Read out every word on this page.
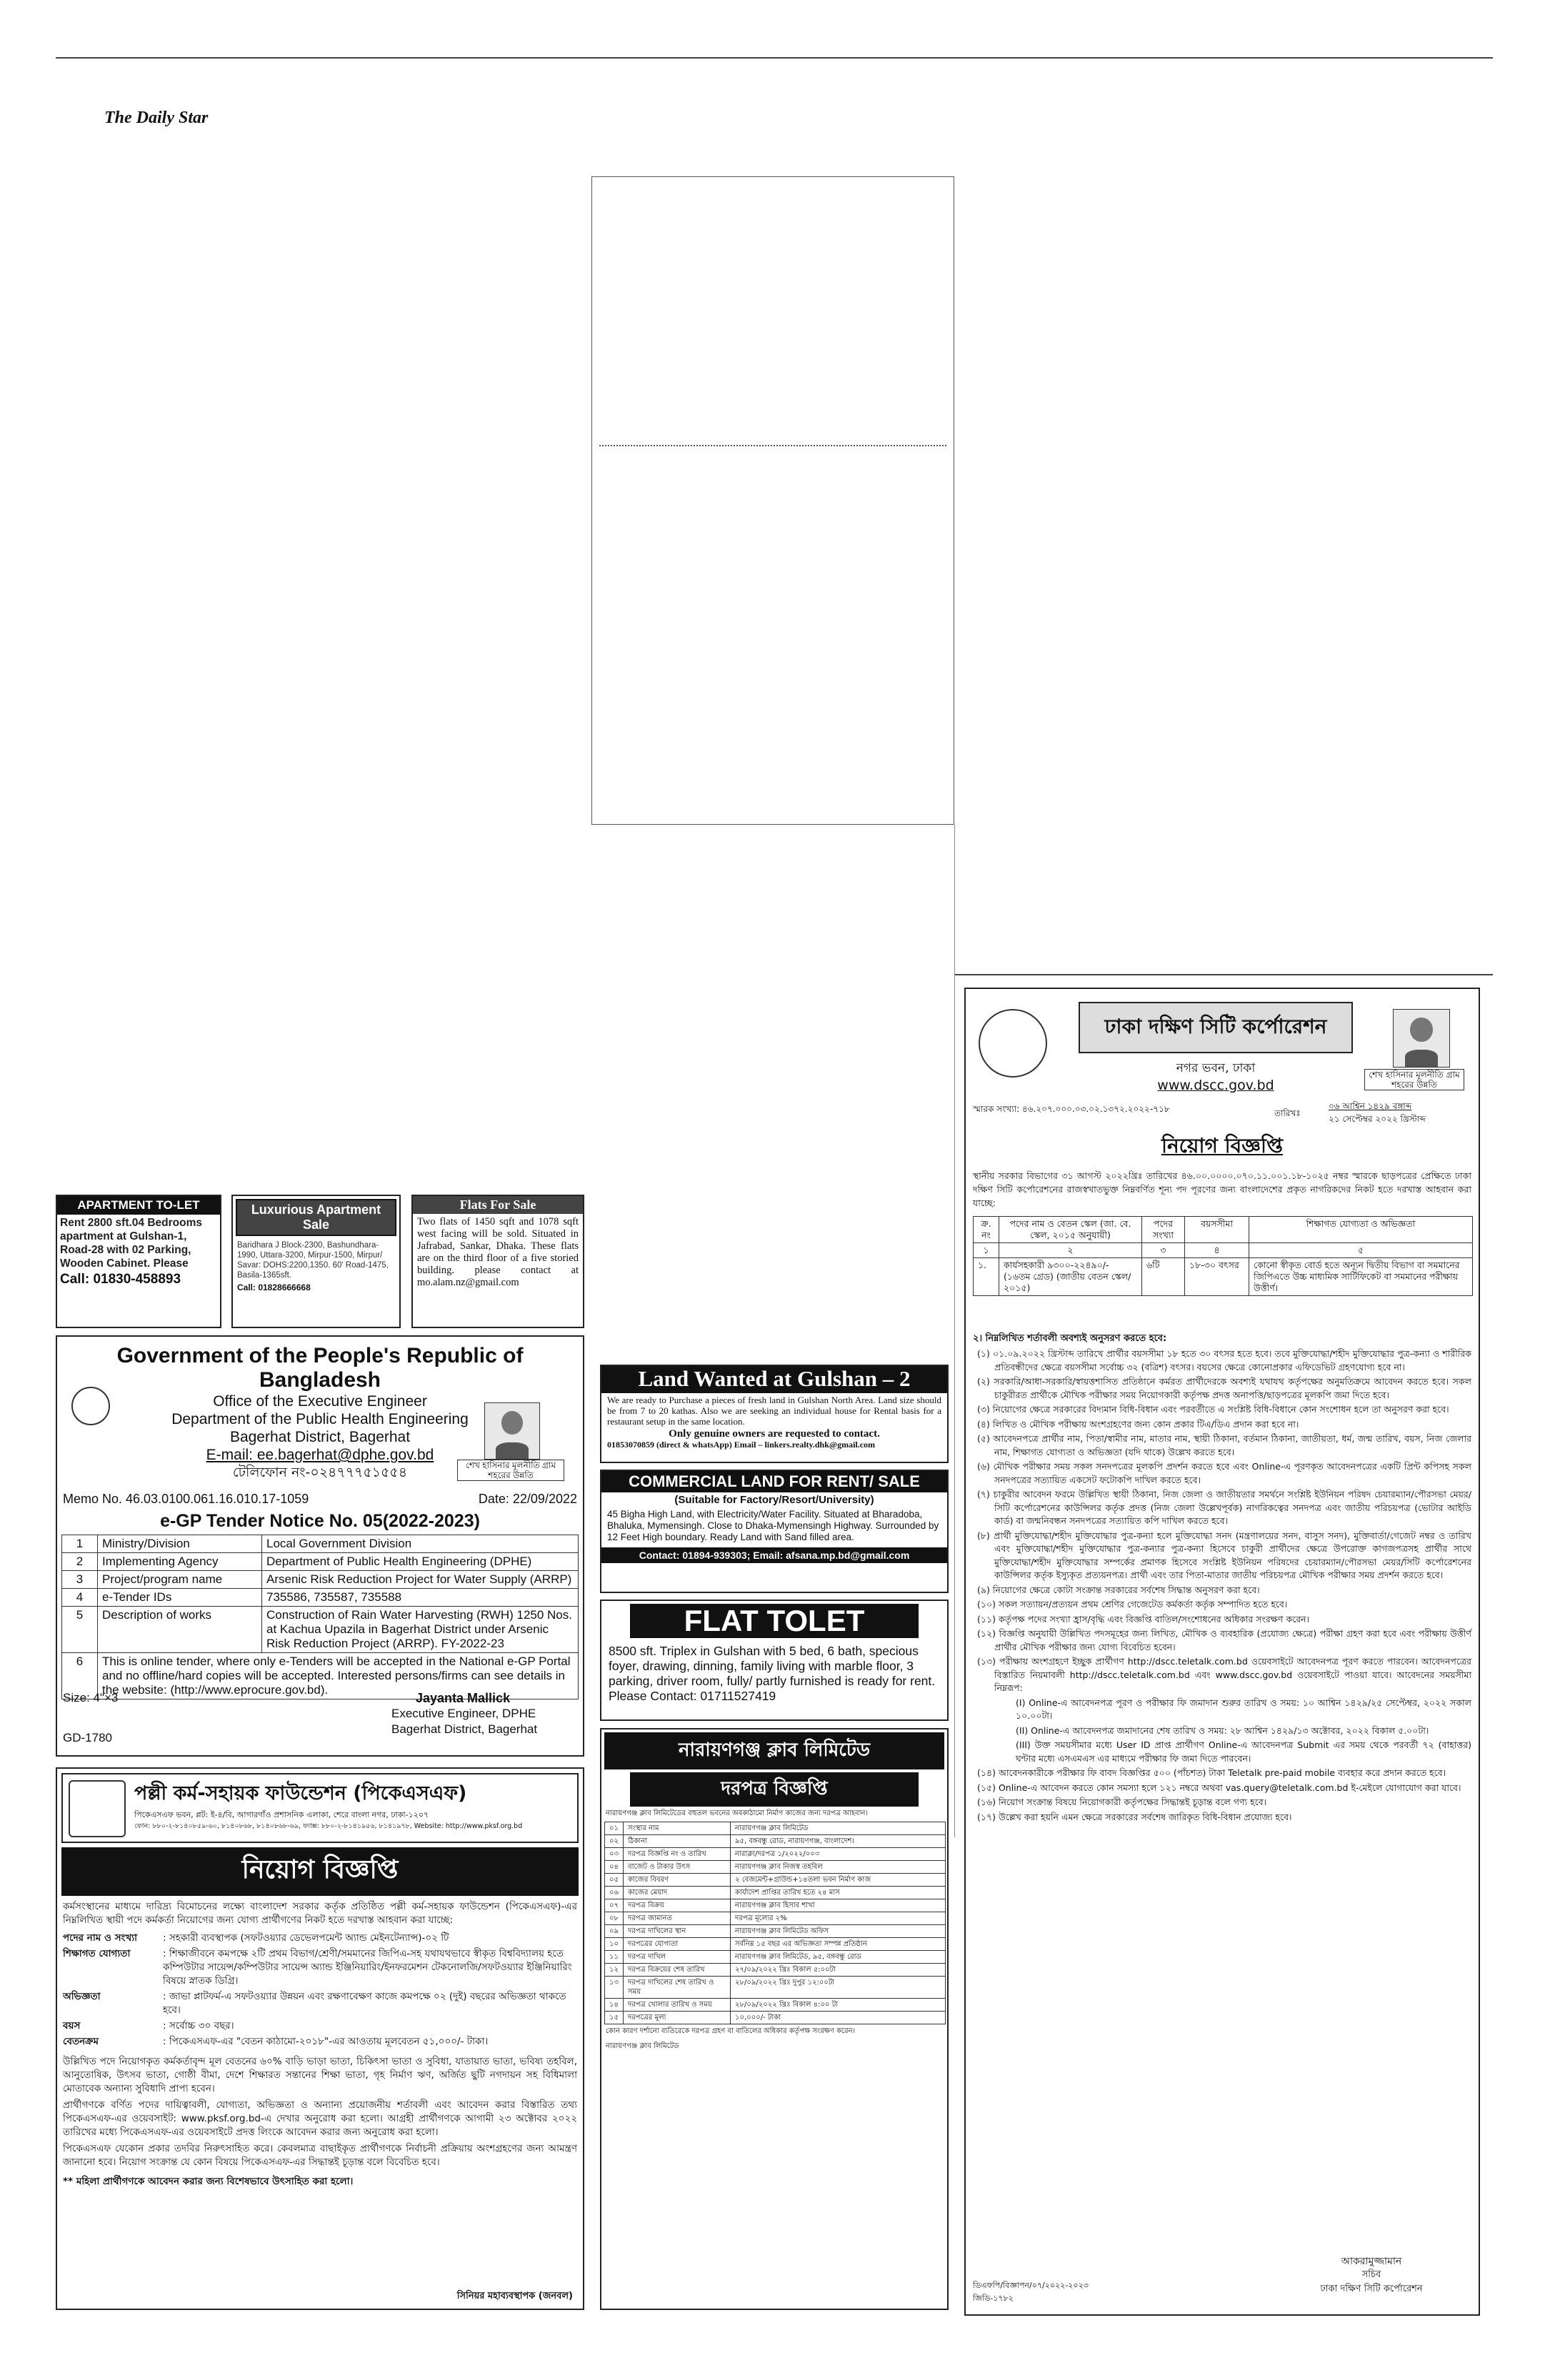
The Daily Star
APARTMENT TO-LET
Rent 2800 sft.04 Bedrooms apartment at Gulshan-1, Road-28 with 02 Parking, Wooden Cabinet. Please
Call: 01830-458893
Luxurious Apartment Sale
Baridhara J Block-2300, Bashundhara-1990, Uttara-3200, Mirpur-1500, Mirpur/ Savar: DOHS:2200,1350. 60' Road-1475, Basila-1365sft.
Call: 01828666668
Flats For Sale
Two flats of 1450 sqft and 1078 sqft west facing will be sold. Situated in Jafrabad, Sankar, Dhaka. These flats are on the third floor of a five storied building. please contact at mo.alam.nz@gmail.com
Government of the People's Republic of Bangladesh
শেখ হাসিনার মূলনীতি গ্রাম শহরের উন্নতি
Office of the Executive Engineer
Department of the Public Health Engineering
Bagerhat District, Bagerhat
E-mail: ee.bagerhat@dphe.gov.bd
টেলিফোন নং-০২৪৭৭৭৫১৫৫৪
Memo No. 46.03.0100.061.16.010.17-1059	Date: 22/09/2022
e-GP Tender Notice No. 05(2022-2023)
1	Ministry/Division	Local Government Division
2	Implementing Agency	Department of Public Health Engineering (DPHE)
3	Project/program name	Arsenic Risk Reduction Project for Water Supply (ARRP)
4	e-Tender IDs	735586, 735587, 735588
5	Description of works	Construction of Rain Water Harvesting (RWH) 1250 Nos. at Kachua Upazila in Bagerhat District under Arsenic Risk Reduction Project (ARRP). FY-2022-23
6	This is online tender, where only e-Tenders will be accepted in the National e-GP Portal and no offline/hard copies will be accepted. Interested persons/firms can see details in the website: (http://www.eprocure.gov.bd).	
Size: 4"×3	Jayanta Mallick
Executive Engineer, DPHE
Bagerhat District, Bagerhat
GD-1780
পল্লী কর্ম-সহায়ক ফাউন্ডেশন (পিকেএসএফ)
পিকেএসএফ ভবন, প্লট: ই-৪/বি, আগারগাঁও প্রশাসনিক এলাকা, শেরে বাংলা নগর, ঢাকা-১২০৭
ফোন: ৮৮০-২-৮১৪০৮৫৯-৬০, ৮১৪০৮৬৮, ৮১৪০৮৬৮-৬৯, ফ্যাক্স: ৮৮০-২-৮১৪১৯৫৬, ৮১৪১৯৭৮, Website: http://www.pksf.org.bd
নিয়োগ বিজ্ঞপ্তি
কর্মসংস্থানের মাধ্যমে দারিদ্র্য বিমোচনের লক্ষ্যে বাংলাদেশ সরকার কর্তৃক প্রতিষ্ঠিত পল্লী কর্ম-সহায়ক ফাউন্ডেশন (পিকেএসএফ)-এর নিম্নলিখিত স্থায়ী পদে কর্মকর্তা নিয়োগের জন্য যোগ্য প্রার্থীগণের নিকট হতে দরখাস্ত আহবান করা যাচ্ছে:
পদের নাম ও সংখ্যা	: সহকারী ব্যবস্থাপক (সফটওয়্যার ডেভেলপমেন্ট অ্যান্ড মেইনটেন্যান্স)-০২ টি
শিক্ষাগত যোগ্যতা	: শিক্ষাজীবনে কমপক্ষে ২টি প্রথম বিভাগ/শ্রেণী/সমমানের জিপিএ-সহ যথাযথভাবে স্বীকৃত বিশ্ববিদ্যালয় হতে কম্পিউটার সায়েন্স/কম্পিউটার সায়েন্স অ্যান্ড ইঞ্জিনিয়ারিং/ইনফরমেশন টেকনোলজি/সফটওয়্যার ইঞ্জিনিয়ারিং বিষয়ে স্নাতক ডিগ্রি।
অভিজ্ঞতা	: জাভা প্লাটফর্ম-এ সফটওয়্যার উন্নয়ন এবং রক্ষণাবেক্ষণ কাজে কমপক্ষে ০২ (দুই) বছরের অভিজ্ঞতা থাকতে হবে।
বয়স	: সর্বোচ্চ ৩০ বছর।
বেতনক্রম	: পিকেএসএফ-এর "বেতন কাঠামো-২০১৮"-এর আওতায় মূলবেতন ৫১,০০০/- টাকা।
উল্লিখিত পদে নিয়োগকৃত কর্মকর্তাবৃন্দ মূল বেতনের ৬০% বাড়ি ভাড়া ভাতা, চিকিৎসা ভাতা ও সুবিধা, যাতায়াত ভাতা, ভবিষ্য তহবিল, আনুতোষিক, উৎসব ভাতা, গোষ্ঠী বীমা, দেশে শিক্ষারত সন্তানের শিক্ষা ভাতা, গৃহ নির্মাণ ঋণ, অর্জিত ছুটি নগদায়ন সহ বিধিমালা মোতাবেক অন্যান্য সুবিধাদি প্রাপ্য হবেন।
প্রার্থীগণকে বর্ণিত পদের দায়িত্বাবলী, যোগ্যতা, অভিজ্ঞতা ও অন্যান্য প্রয়োজনীয় শর্তাবলী এবং আবেদন করার বিস্তারিত তথ্য পিকেএসএফ-এর ওয়েবসাইট: www.pksf.org.bd-এ দেখার অনুরোধ করা হলো। আগ্রহী প্রার্থীগণকে আগামী ২৩ অক্টোবর ২০২২ তারিখের মধ্যে পিকেএসএফ-এর ওয়েবসাইটে প্রদত্ত লিংকে আবেদন করার জন্য অনুরোধ করা হলো।
পিকেএসএফ যেকোন প্রকার তদবির নিরুৎসাহিত করে। কেবলমাত্র বাছাইকৃত প্রার্থীগণকে নির্বাচনী প্রক্রিয়ায় অংশগ্রহণের জন্য আমন্ত্রণ জানানো হবে। নিয়োগ সংক্রান্ত যে কোন বিষয়ে পিকেএসএফ-এর সিদ্ধান্তই চূড়ান্ত বলে বিবেচিত হবে।
** মহিলা প্রার্থীগণকে আবেদন করার জন্য বিশেষভাবে উৎসাহিত করা হলো।
সিনিয়র মহাব্যবস্থাপক (জনবল)
Land Wanted at Gulshan – 2
We are ready to Purchase a pieces of fresh land in Gulshan North Area. Land size should be from 7 to 20 kathas. Also we are seeking an individual house for Rental basis for a restaurant setup in the same location.
Only genuine owners are requested to contact.
01853070859 (direct & whatsApp) Email – linkers.realty.dhk@gmail.com
COMMERCIAL LAND FOR RENT/ SALE
(Suitable for Factory/Resort/University)
45 Bigha High Land, with Electricity/Water Facility. Situated at Bharadoba, Bhaluka, Mymensingh. Close to Dhaka-Mymensingh Highway. Surrounded by 12 Feet High boundary. Ready Land with Sand filled area.
Contact: 01894-939303; Email: afsana.mp.bd@gmail.com
FLAT TOLET
8500 sft. Triplex in Gulshan with 5 bed, 6 bath, specious foyer, drawing, dinning, family living with marble floor, 3 parking, driver room, fully/ partly furnished is ready for rent. Please Contact: 01711527419
নারায়ণগঞ্জ ক্লাব লিমিটেড
দরপত্র বিজ্ঞপ্তি
নারায়ণগঞ্জ ক্লাব লিমিটেডের বহুতল ভবনের অবকাঠামো নির্মাণ কাজের জন্য দরপত্র আহবান।
০১	সংস্থার নাম	নারায়ণগঞ্জ ক্লাব লিমিটেড
০২	ঠিকানা	৯৫, বঙ্গবন্ধু রোড, নারায়ণগঞ্জ, বাংলাদেশ।
০৩	দরপত্র বিজ্ঞপ্তি নং ও তারিখ	নারাক্লা/দরপত্র ১/২০২২/০০৩
০৪	বাজেট ও টাকার উৎস	নারায়ণগঞ্জ ক্লাব নিজস্ব তহবিল
০৫	কাজের বিবরণ	২ বেজমেন্ট+গ্রাউন্ড+১৪তলা ভবন নির্মাণ কাজ
০৬	কাজের মেয়াদ	কার্যাদেশ প্রাপ্তির তারিখ হতে ২৪ মাস
০৭	দরপত্র বিক্রয়	নারায়ণগঞ্জ ক্লাব হিসাব শাখা
০৮	দরপত্র জামানত	দরপত্র মূল্যের ২%
০৯	দরপত্র দাখিলের স্থান	নারায়ণগঞ্জ ক্লাব লিমিটেড অফিস
১০	দরপত্রের যোগ্যতা	সর্বনিম্ন ১৫ বছর এর অভিজ্ঞতা সম্পন্ন প্রতিষ্ঠান
১১	দরপত্র দাখিল	নারায়ণগঞ্জ ক্লাব লিমিটেড, ৯৫, বঙ্গবন্ধু রোড
১২	দরপত্র বিক্রয়ের শেষ তারিখ	২৭/০৯/২০২২ খ্রিঃ বিকাল ৫:০০টা
১৩	দরপত্র দাখিলের শেষ তারিখ ও সময়	২৮/০৯/২০২২ খ্রিঃ দুপুর ১২:০০টা
১৪	দরপত্র খোলার তারিখ ও সময়	২৮/০৯/২০২২ খ্রিঃ বিকাল ৪:০০ টা
১৫	দরপত্রের মূল্য	১০,০০০/- টাকা
কোন কারণ দর্শানো ব্যতিরেকে দরপত্র গ্রহণ বা বাতিলের অধিকার কর্তৃপক্ষ সংরক্ষণ করেন।
নারায়ণগঞ্জ ক্লাব লিমিটেড
ঢাকা দক্ষিণ সিটি কর্পোরেশন
শেখ হাসিনার মূলনীতি গ্রাম শহরের উন্নতি
নগর ভবন, ঢাকা
www.dscc.gov.bd
স্মারক সংখ্যা: ৪৬.২০৭.০০০.০৩.০২.১৩৭২.২০২২-৭১৮	তারিখঃ
০৬ আশ্বিন ১৪২৯ বঙ্গাব্দ
২১ সেপ্টেম্বর ২০২২ খ্রিস্টাব্দ
নিয়োগ বিজ্ঞপ্তি
স্থানীয় সরকার বিভাগের ৩১ আগস্ট ২০২২খ্রিঃ তারিখের ৪৬.০০.০০০০.০৭০.১১.০০১.১৮-১০২৫ নম্বর স্মারকে ছাড়পত্রের প্রেক্ষিতে ঢাকা দক্ষিণ সিটি কর্পোরেশনের রাজস্বখাতভুক্ত নিম্নবর্ণিত শূন্য পদ পূরণের জন্য বাংলাদেশের প্রকৃত নাগরিকদের নিকট হতে দরখাস্ত আহবান করা যাচ্ছে:
ক্র. নং	পদের নাম ও বেতন স্কেল (জা. বে. স্কেল, ২০১৫ অনুযায়ী)	পদের সংখ্যা	বয়সসীমা	শিক্ষাগত যোগ্যতা ও অভিজ্ঞতা
১	২	৩	৪	৫
১.	কার্যসহকারী ৯৩০০-২২৪৯০/- (১৬তম গ্রেড) (জাতীয় বেতন স্কেল/২০১৫)	৬টি	১৮-৩০ বৎসর	কোনো স্বীকৃত বোর্ড হতে অন্যূন দ্বিতীয় বিভাগ বা সমমানের জিপিএতে উচ্চ মাধ্যমিক সার্টিফিকেট বা সমমানের পরীক্ষায় উত্তীর্ণ।
২। নিম্নলিখিত শর্তাবলী অবশ্যই অনুসরণ করতে হবে:
(১) ০১.০৯.২০২২ খ্রিস্টাব্দ তারিখে প্রার্থীর বয়সসীমা ১৮ হতে ৩০ বৎসর হতে হবে। তবে মুক্তিযোদ্ধা/শহীদ মুক্তিযোদ্ধার পুত্র-কন্যা ও শারীরিক প্রতিবন্ধীদের ক্ষেত্রে বয়সসীমা সর্বোচ্চ ৩২ (বত্রিশ) বৎসর। বয়সের ক্ষেত্রে কোনোপ্রকার এফিডেভিট গ্রহণযোগ্য হবে না।
(২) সরকারি/আধা-সরকারি/স্বায়ত্তশাসিত প্রতিষ্ঠানে কর্মরত প্রার্থীদেরকে অবশ্যই যথাযথ কর্তৃপক্ষের অনুমতিক্রমে আবেদন করতে হবে। সকল চাকুরীরত প্রার্থীকে মৌখিক পরীক্ষার সময় নিয়োগকারী কর্তৃপক্ষ প্রদত্ত অনাপত্তি/ছাড়পত্রের মূলকপি জমা দিতে হবে।
(৩) নিয়োগের ক্ষেত্রে সরকারের বিদ্যমান বিধি-বিধান এবং পরবর্তীতে এ সংশ্লিষ্ট বিধি-বিধানে কোন সংশোধন হলে তা অনুসরণ করা হবে।
(৪) লিখিত ও মৌখিক পরীক্ষায় অংশগ্রহণের জন্য কোন প্রকার টিএ/ডিএ প্রদান করা হবে না।
(৫) আবেদনপত্রে প্রার্থীর নাম, পিতা/স্বামীর নাম, মাতার নাম, স্থায়ী ঠিকানা, বর্তমান ঠিকানা, জাতীয়তা, ধর্ম, জন্ম তারিখ, বয়স, নিজ জেলার নাম, শিক্ষাগত যোগ্যতা ও অভিজ্ঞতা (যদি থাকে) উল্লেখ করতে হবে।
(৬) মৌখিক পরীক্ষার সময় সকল সনদপত্রের মূলকপি প্রদর্শন করতে হবে এবং Online-এ পূরণকৃত আবেদনপত্রের একটি প্রিন্ট কপিসহ সকল সনদপত্রের সত্যায়িত একসেট ফটোকপি দাখিল করতে হবে।
(৭) চাকুরীর আবেদন ফরমে উল্লিখিত স্থায়ী ঠিকানা, নিজ জেলা ও জাতীয়তার সমর্থনে সংশ্লিষ্ট ইউনিয়ন পরিষদ চেয়ারম্যান/পৌরসভা মেয়র/সিটি কর্পোরেশনের কাউন্সিলর কর্তৃক প্রদত্ত (নিজ জেলা উল্লেখপূর্বক) নাগরিকত্বের সনদপত্র এবং জাতীয় পরিচয়পত্র (ভোটার আইডি কার্ড) বা জন্মনিবন্ধন সনদপত্রের সত্যায়িত কপি দাখিল করতে হবে।
(৮) প্রার্থী মুক্তিযোদ্ধা/শহীদ মুক্তিযোদ্ধার পুত্র-কন্যা হলে মুক্তিযোদ্ধা সনদ (মন্ত্রণালয়ের সনদ, বাসুস সনদ), মুক্তিবার্তা/গেজেট নম্বর ও তারিখ এবং মুক্তিযোদ্ধা/শহীদ মুক্তিযোদ্ধার পুত্র-কন্যার পুত্র-কন্যা হিসেবে চাকুরী প্রার্থীদের ক্ষেত্রে উপরোক্ত কাগজপত্রসহ প্রার্থীর সাথে মুক্তিযোদ্ধা/শহীদ মুক্তিযোদ্ধার সম্পর্কের প্রমাণক হিসেবে সংশ্লিষ্ট ইউনিয়ন পরিষদের চেয়ারম্যান/পৌরসভা মেয়র/সিটি কর্পোরেশনের কাউন্সিলর কর্তৃক ইস্যুকৃত প্রত্যয়নপত্র। প্রার্থী এবং তার পিতা-মাতার জাতীয় পরিচয়পত্র মৌখিক পরীক্ষার সময় প্রদর্শন করতে হবে।
(৯) নিয়োগের ক্ষেত্রে কোটা সংক্রান্ত সরকারের সর্বশেষ সিদ্ধান্ত অনুসরণ করা হবে।
(১০) সকল সত্যায়ন/প্রত্যয়ন প্রথম শ্রেণির গেজেটেড কর্মকর্তা কর্তৃক সম্পাদিত হতে হবে।
(১১) কর্তৃপক্ষ পদের সংখ্যা হ্রাস/বৃদ্ধি এবং বিজ্ঞপ্তি বাতিল/সংশোধনের অধিকার সংরক্ষণ করেন।
(১২) বিজ্ঞপ্তি অনুযায়ী উল্লিখিত পদসমূহের জন্য লিখিত, মৌখিক ও ব্যবহারিক (প্রযোজ্য ক্ষেত্রে) পরীক্ষা গ্রহণ করা হবে এবং পরীক্ষায় উত্তীর্ণ প্রার্থীর মৌখিক পরীক্ষার জন্য যোগ্য বিবেচিত হবেন।
(১৩) পরীক্ষায় অংশগ্রহণে ইচ্ছুক প্রার্থীগণ http://dscc.teletalk.com.bd ওয়েবসাইটে আবেদনপত্র পূরণ করতে পারবেন। আবেদনপত্রের বিস্তারিত নিয়মাবলী http://dscc.teletalk.com.bd এবং www.dscc.gov.bd ওয়েবসাইটে পাওয়া যাবে। আবেদনের সময়সীমা নিম্নরূপ:
(I) Online-এ আবেদনপত্র পূরণ ও পরীক্ষার ফি জমাদান শুরুর তারিখ ও সময়: ১০ আশ্বিন ১৪২৯/২৫ সেপ্টেম্বর, ২০২২ সকাল ১০.০০টা।
(II) Online-এ আবেদনপত্র জমাদানের শেষ তারিখ ও সময়: ২৮ আশ্বিন ১৪২৯/১৩ অক্টোবর, ২০২২ বিকাল ৫.০০টা।
(III) উক্ত সময়সীমার মধ্যে User ID প্রাপ্ত প্রার্থীগণ Online-এ আবেদনপত্র Submit এর সময় থেকে পরবর্তী ৭২ (বাহাত্তর) ঘন্টার মধ্যে এসএমএস এর মাধ্যমে পরীক্ষার ফি জমা দিতে পারবেন।
(১৪) আবেদনকারীকে পরীক্ষার ফি বাবদ বিজ্ঞপ্তির ৫০০ (পাঁচশত) টাকা Teletalk pre-paid mobile ব্যবহার করে প্রদান করতে হবে।
(১৫) Online-এ আবেদন করতে কোন সমস্যা হলে ১২১ নম্বরে অথবা vas.query@teletalk.com.bd ই-মেইলে যোগাযোগ করা যাবে।
(১৬) নিয়োগ সংক্রান্ত বিষয়ে নিয়োগকারী কর্তৃপক্ষের সিদ্ধান্তই চূড়ান্ত বলে গণ্য হবে।
(১৭) উল্লেখ করা হয়নি এমন ক্ষেত্রে সরকারের সর্বশেষ জারিকৃত বিধি-বিধান প্রযোজ্য হবে।
আকরামুজ্জামান
সচিব
ঢাকা দক্ষিণ সিটি কর্পোরেশন
ডিএফপি/বিজ্ঞাপন/০৭/২০২২-২০২৩
জিডি-১৭৮২
